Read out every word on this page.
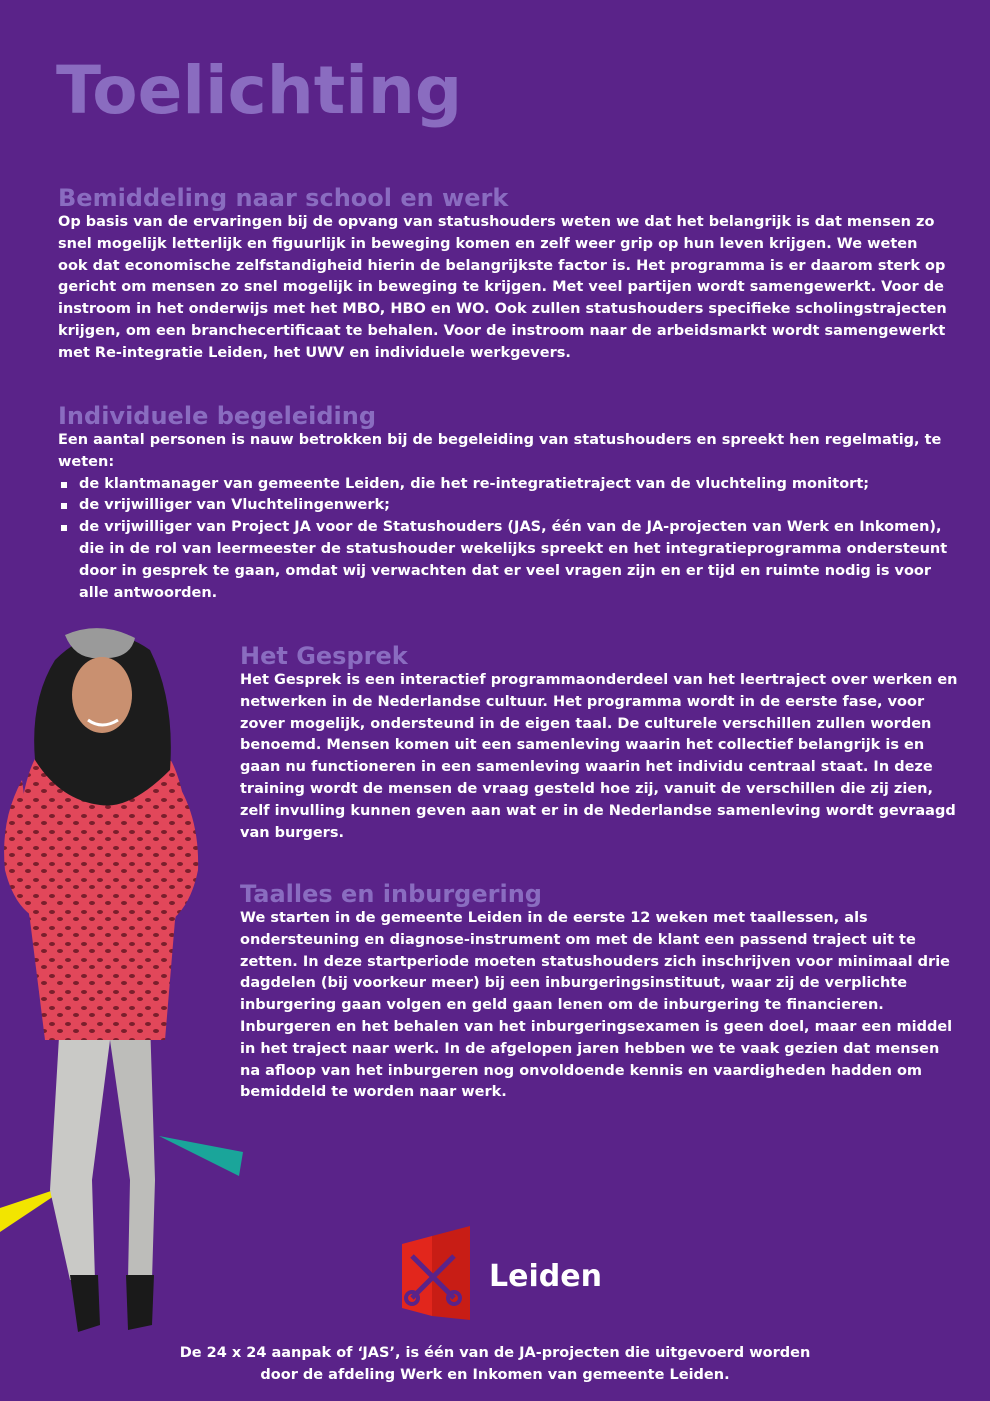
Toelichting
Bemiddeling naar school en werk

Op basis van de ervaringen bij de opvang van statushouders weten we dat het belangrijk is dat mensen zo snel mogelijk letterlijk en figuurlijk in beweging komen en zelf weer grip op hun leven krijgen. We weten ook dat economische zelfstandigheid hierin de belangrijkste factor is. Het programma is er daarom sterk op gericht om mensen zo snel mogelijk in beweging te krijgen. Met veel partijen wordt samengewerkt. Voor de instroom in het onderwijs met het MBO, HBO en WO. Ook zullen statushouders specifieke scholingstrajecten krijgen, om een branchecertificaat te behalen. Voor de instroom naar de arbeidsmarkt wordt samengewerkt met Re-integratie Leiden, het UWV en individuele werkgevers.

Individuele begeleiding

Een aantal personen is nauw betrokken bij de begeleiding van statushouders en spreekt hen regelmatig, te weten:

de klantmanager van gemeente Leiden, die het re-integratietraject van de vluchteling monitort;
de vrijwilliger van Vluchtelingenwerk;
de vrijwilliger van Project JA voor de Statushouders (JAS, één van de JA-projecten van Werk en Inkomen), die in de rol van leermeester de statushouder wekelijks spreekt en het integratieprogramma ondersteunt door in gesprek te gaan, omdat wij verwachten dat er veel vragen zijn en er tijd en ruimte nodig is voor alle antwoorden.
Het Gesprek

Het Gesprek is een interactief programmaonderdeel van het leertraject over werken en netwerken in de Nederlandse cultuur. Het programma wordt in de eerste fase, voor zover mogelijk, ondersteund in de eigen taal. De culturele verschillen zullen worden benoemd. Mensen komen uit een samenleving waarin het collectief belangrijk is en gaan nu functioneren in een samenleving waarin het individu centraal staat. In deze training wordt de mensen de vraag gesteld hoe zij, vanuit de verschillen die zij zien, zelf invulling kunnen geven aan wat er in de Nederlandse samenleving wordt gevraagd van burgers.

Taalles en inburgering

We starten in de gemeente Leiden in de eerste 12 weken met taallessen, als ondersteuning en diagnose-instrument om met de klant een passend traject uit te zetten. In deze startperiode moeten statushouders zich inschrijven voor minimaal drie dagdelen (bij voorkeur meer) bij een inburgeringsinstituut, waar zij de verplichte inburgering gaan volgen en geld gaan lenen om de inburgering te financieren. Inburgeren en het behalen van het inburgeringsexamen is geen doel, maar een middel in het traject naar werk. In de afgelopen jaren hebben we te vaak gezien dat mensen na afloop van het inburgeren nog onvoldoende kennis en vaardigheden hadden om bemiddeld te worden naar werk.

Leiden
De 24 x 24 aanpak of ‘JAS’, is één van de JA-projecten die uitgevoerd worden
door de afdeling Werk en Inkomen van gemeente Leiden.
